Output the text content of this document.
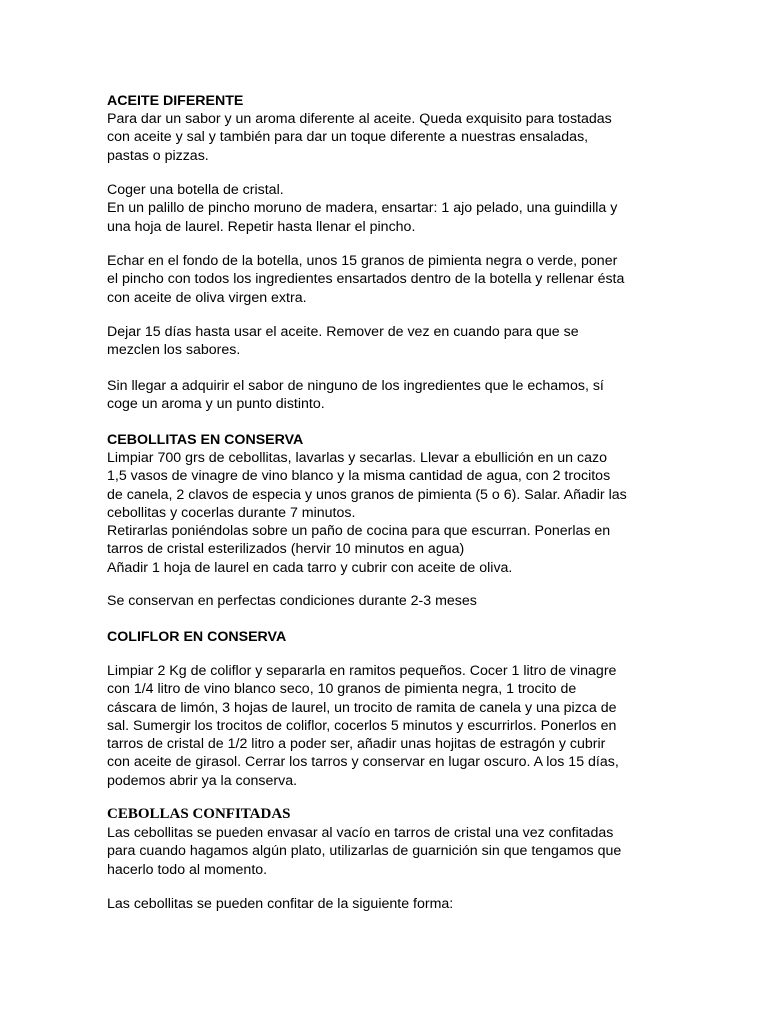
ACEITE DIFERENTE
Para dar un sabor y un aroma diferente al aceite. Queda exquisito para tostadas
con aceite y sal y también para dar un toque diferente a nuestras ensaladas,
pastas o pizzas.
Coger una botella de cristal.
En un palillo de pincho moruno de madera, ensartar: 1 ajo pelado, una guindilla y
una hoja de laurel. Repetir hasta llenar el pincho.
Echar en el fondo de la botella, unos 15 granos de pimienta negra o verde, poner
el pincho con todos los ingredientes ensartados dentro de la botella y rellenar ésta
con aceite de oliva virgen extra.
Dejar 15 días hasta usar el aceite. Remover de vez en cuando para que se
mezclen los sabores.
Sin llegar a adquirir el sabor de ninguno de los ingredientes que le echamos, sí
coge un aroma y un punto distinto.
CEBOLLITAS EN CONSERVA
Limpiar 700 grs de cebollitas, lavarlas y secarlas. Llevar a ebullición en un cazo
1,5 vasos de vinagre de vino blanco y la misma cantidad de agua, con 2 trocitos
de canela, 2 clavos de especia y unos granos de pimienta (5 o 6). Salar. Añadir las
cebollitas y cocerlas durante 7 minutos.
Retirarlas poniéndolas sobre un paño de cocina para que escurran. Ponerlas en
tarros de cristal esterilizados (hervir 10 minutos en agua)
Añadir 1 hoja de laurel en cada tarro y cubrir con aceite de oliva.
Se conservan en perfectas condiciones durante 2-3 meses
COLIFLOR EN CONSERVA
Limpiar 2 Kg de coliflor y separarla en ramitos pequeños. Cocer 1 litro de vinagre
con 1/4 litro de vino blanco seco, 10 granos de pimienta negra, 1 trocito de
cáscara de limón, 3 hojas de laurel, un trocito de ramita de canela y una pizca de
sal. Sumergir los trocitos de coliflor, cocerlos 5 minutos y escurrirlos. Ponerlos en
tarros de cristal de 1/2 litro a poder ser, añadir unas hojitas de estragón y cubrir
con aceite de girasol. Cerrar los tarros y conservar en lugar oscuro. A los 15 días,
podemos abrir ya la conserva.
CEBOLLAS CONFITADAS
Las cebollitas se pueden envasar al vacío en tarros de cristal una vez confitadas
para cuando hagamos algún plato, utilizarlas de guarnición sin que tengamos que
hacerlo todo al momento.
Las cebollitas se pueden confitar de la siguiente forma:
